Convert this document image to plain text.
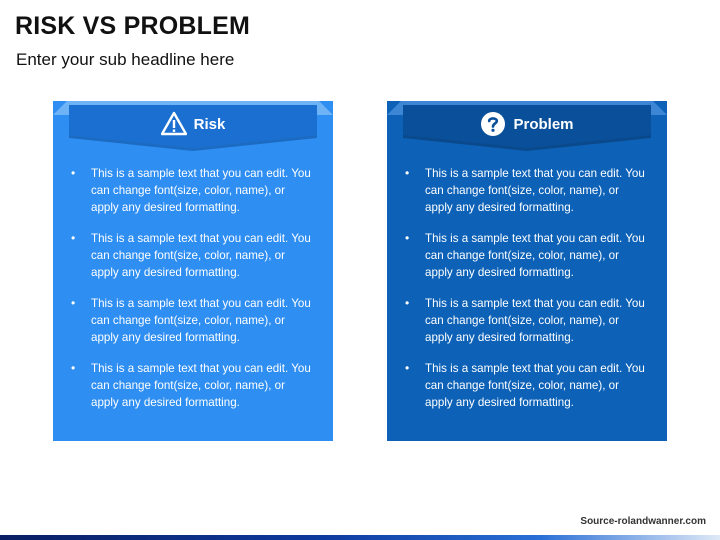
RISK VS PROBLEM
Enter your sub headline here
• This is a sample text that you can edit. You can change font(size, color, name), or apply any desired formatting.
• This is a sample text that you can edit. You can change font(size, color, name), or apply any desired formatting.
• This is a sample text that you can edit. You can change font(size, color, name), or apply any desired formatting.
• This is a sample text that you can edit. You can change font(size, color, name), or apply any desired formatting.
Risk
• This is a sample text that you can edit. You can change font(size, color, name), or apply any desired formatting.
• This is a sample text that you can edit. You can change font(size, color, name), or apply any desired formatting.
• This is a sample text that you can edit. You can change font(size, color, name), or apply any desired formatting.
• This is a sample text that you can edit. You can change font(size, color, name), or apply any desired formatting.
Problem
Source-rolandwanner.com
